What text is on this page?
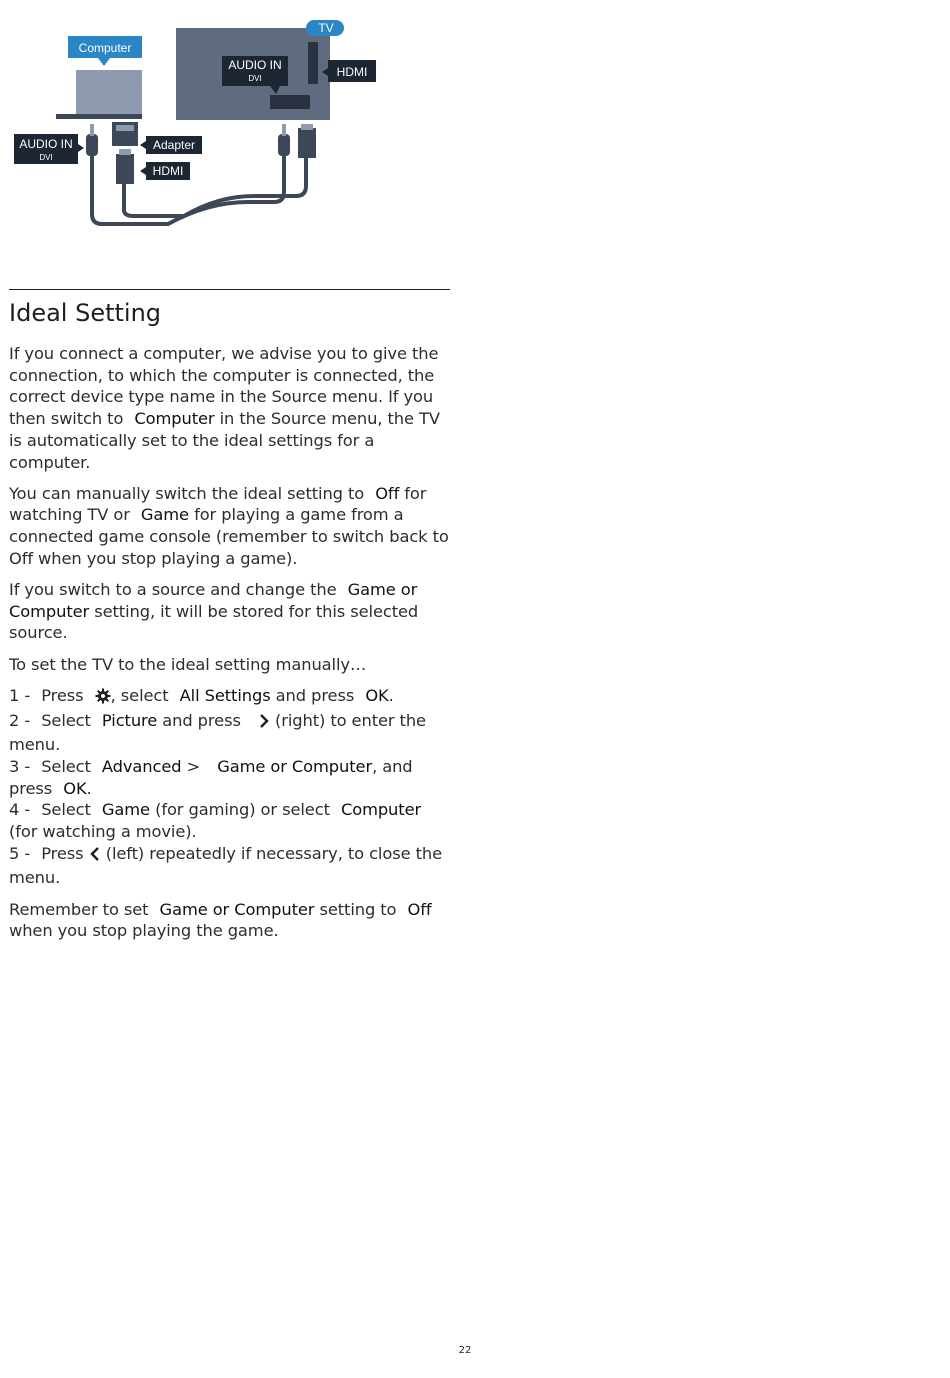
TV
AUDIO IN
DVI	HDMI
Computer
AUDIO IN
DVI
Adapter
HDMI
Ideal Setting

If you connect a computer, we advise you to give the connection, to which the computer is connected, the correct device type name in the Source menu. If you then switch to Computer in the Source menu, the TV is automatically set to the ideal settings for a computer.

You can manually switch the ideal setting to Off for watching TV or Game for playing a game from a connected game console (remember to switch back to Off when you stop playing a game).

If you switch to a source and change the Game or Computer setting, it will be stored for this selected source.

To set the TV to the ideal setting manually…

1 - Press , select All Settings and press OK.
2 - Select Picture and press (right) to enter the menu.
3 - Select Advanced > Game or Computer, and press OK.
4 - Select Game (for gaming) or select Computer (for watching a movie).
5 - Press (left) repeatedly if necessary, to close the menu.

Remember to set Game or Computer setting to Off when you stop playing the game.

22
